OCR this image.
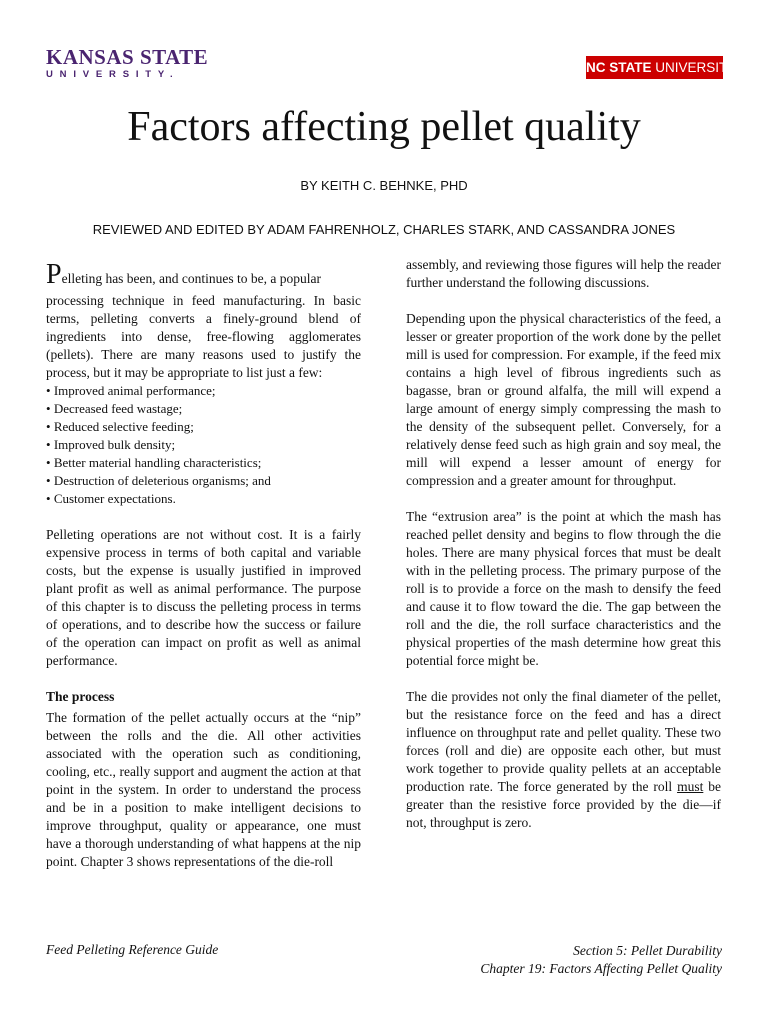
KANSAS STATE
UNIVERSITY.	NC STATE UNIVERSITY
Factors affecting pellet quality
BY KEITH C. BEHNKE, PHD
REVIEWED AND EDITED BY ADAM FAHRENHOLZ, CHARLES STARK, AND CASSANDRA JONES
Pelleting has been, and continues to be, a popular

processing technique in feed manufacturing. In basic terms, pelleting converts a finely-ground blend of ingredients into dense, free-flowing agglomerates (pellets). There are many reasons used to justify the process, but it may be appropriate to list just a few:

• Improved animal performance;
• Decreased feed wastage;
• Reduced selective feeding;
• Improved bulk density;
• Better material handling characteristics;
• Destruction of deleterious organisms; and
• Customer expectations.

Pelleting operations are not without cost. It is a fairly expensive process in terms of both capital and variable costs, but the expense is usually justified in improved plant profit as well as animal performance. The purpose of this chapter is to discuss the pelleting process in terms of operations, and to describe how the success or failure of the operation can impact on profit as well as animal performance.

The process

The formation of the pellet actually occurs at the “nip” between the rolls and the die. All other activities associated with the operation such as conditioning, cooling, etc., really support and augment the action at that point in the system. In order to understand the process and be in a position to make intelligent decisions to improve throughput, quality or appearance, one must have a thorough understanding of what happens at the nip point. Chapter 3 shows representations of the die-roll

assembly, and reviewing those figures will help the reader further understand the following discussions.

Depending upon the physical characteristics of the feed, a lesser or greater proportion of the work done by the pellet mill is used for compression. For example, if the feed mix contains a high level of fibrous ingredients such as bagasse, bran or ground alfalfa, the mill will expend a large amount of energy simply compressing the mash to the density of the subsequent pellet. Conversely, for a relatively dense feed such as high grain and soy meal, the mill will expend a lesser amount of energy for compression and a greater amount for throughput.

The “extrusion area” is the point at which the mash has reached pellet density and begins to flow through the die holes. There are many physical forces that must be dealt with in the pelleting process. The primary purpose of the roll is to provide a force on the mash to densify the feed and cause it to flow toward the die. The gap between the roll and the die, the roll surface characteristics and the physical properties of the mash determine how great this potential force might be.

The die provides not only the final diameter of the pellet, but the resistance force on the feed and has a direct influence on throughput rate and pellet quality. These two forces (roll and die) are opposite each other, but must work together to provide quality pellets at an acceptable production rate. The force generated by the roll must be greater than the resistive force provided by the die—if not, throughput is zero.

Feed Pelleting Reference Guide	Section 5: Pellet Durability
Chapter 19: Factors Affecting Pellet Quality
